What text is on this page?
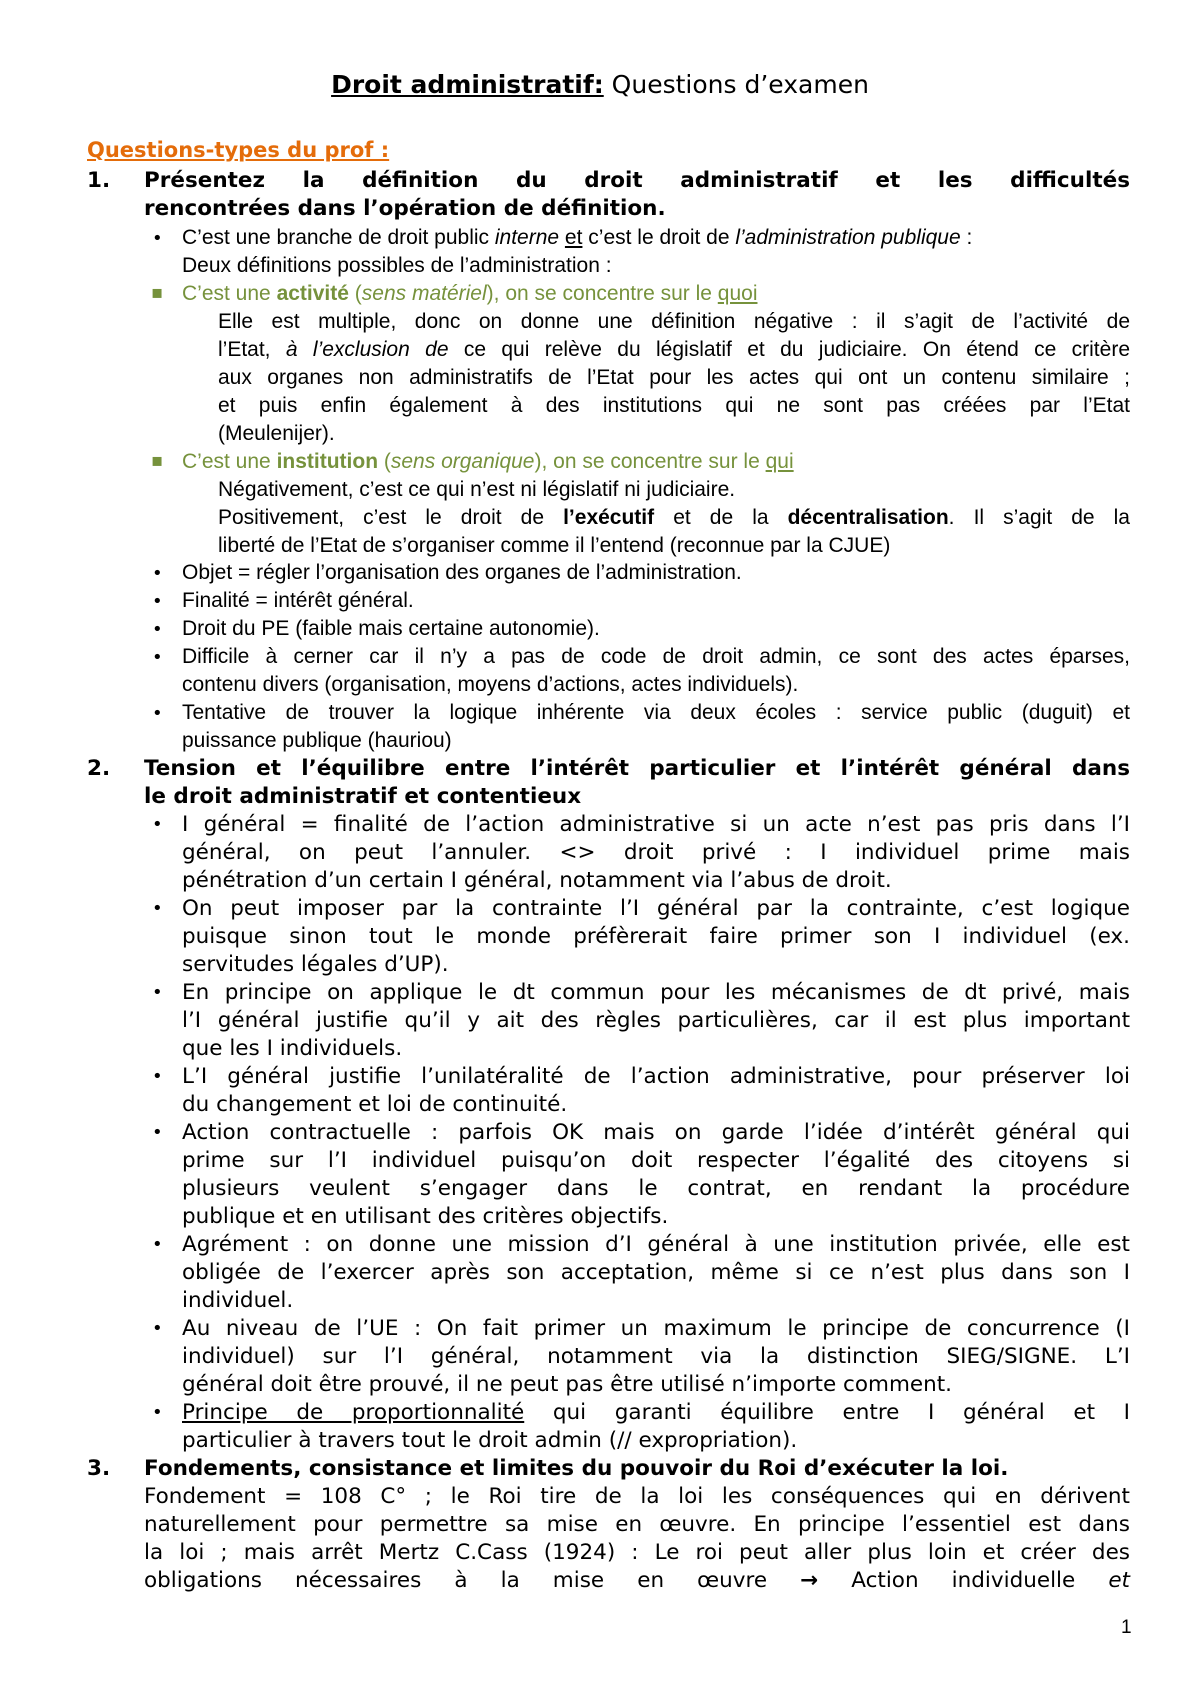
Droit administratif: Questions d’examen
Questions-types du prof :
1. Présentez la définition du droit administratif et les difficultés
rencontrées dans l’opération de définition.
• C’est une branche de droit public interne et c’est le droit de l’administration publique :
Deux définitions possibles de l’administration :
▪ C’est une activité (sens matériel), on se concentre sur le quoi
Elle est multiple, donc on donne une définition négative : il s’agit de l’activité de
l’Etat, à l’exclusion de ce qui relève du législatif et du judiciaire. On étend ce critère
aux organes non administratifs de l’Etat pour les actes qui ont un contenu similaire ;
et puis enfin également à des institutions qui ne sont pas créées par l’Etat
(Meulenijer).
▪ C’est une institution (sens organique), on se concentre sur le qui
Négativement, c’est ce qui n’est ni législatif ni judiciaire.
Positivement, c’est le droit de l’exécutif et de la décentralisation. Il s’agit de la
liberté de l’Etat de s’organiser comme il l’entend (reconnue par la CJUE)
• Objet = régler l’organisation des organes de l’administration.
• Finalité = intérêt général.
• Droit du PE (faible mais certaine autonomie).
• Difficile à cerner car il n’y a pas de code de droit admin, ce sont des actes éparses,
contenu divers (organisation, moyens d’actions, actes individuels).
• Tentative de trouver la logique inhérente via deux écoles : service public (duguit) et
puissance publique (hauriou)
2. Tension et l’équilibre entre l’intérêt particulier et l’intérêt général dans
le droit administratif et contentieux
• I général = finalité de l’action administrative si un acte n’est pas pris dans l’I
général, on peut l’annuler. <> droit privé : I individuel prime mais
pénétration d’un certain I général, notamment via l’abus de droit.
• On peut imposer par la contrainte l’I général par la contrainte, c’est logique
puisque sinon tout le monde préfèrerait faire primer son I individuel (ex.
servitudes légales d’UP).
• En principe on applique le dt commun pour les mécanismes de dt privé, mais
l’I général justifie qu’il y ait des règles particulières, car il est plus important
que les I individuels.
• L’I général justifie l’unilatéralité de l’action administrative, pour préserver loi
du changement et loi de continuité.
• Action contractuelle : parfois OK mais on garde l’idée d’intérêt général qui
prime sur l’I individuel puisqu’on doit respecter l’égalité des citoyens si
plusieurs veulent s’engager dans le contrat, en rendant la procédure
publique et en utilisant des critères objectifs.
• Agrément : on donne une mission d’I général à une institution privée, elle est
obligée de l’exercer après son acceptation, même si ce n’est plus dans son I
individuel.
• Au niveau de l’UE : On fait primer un maximum le principe de concurrence (I
individuel) sur l’I général, notamment via la distinction SIEG/SIGNE. L’I
général doit être prouvé, il ne peut pas être utilisé n’importe comment.
• Principe de proportionnalité qui garanti équilibre entre I général et I
particulier à travers tout le droit admin (// expropriation).
3. Fondements, consistance et limites du pouvoir du Roi d’exécuter la loi.
Fondement = 108 C° ; le Roi tire de la loi les conséquences qui en dérivent
naturellement pour permettre sa mise en œuvre. En principe l’essentiel est dans
la loi ; mais arrêt Mertz C.Cass (1924) : Le roi peut aller plus loin et créer des
obligations nécessaires à la mise en œuvre → Action individuelle et
1
